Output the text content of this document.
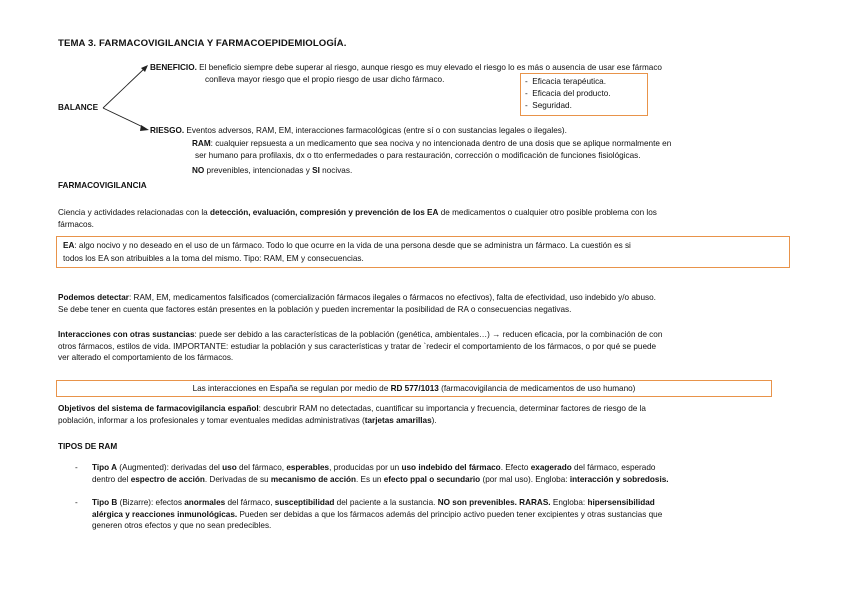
TEMA 3. FARMACOVIGILANCIA Y FARMACOEPIDEMIOLOGÍA.
BALANCE
BENEFICIO. El beneficio siempre debe superar al riesgo, aunque riesgo es muy elevado el riesgo lo es más o ausencia de usar ese fármaco
conlleva mayor riesgo que el propio riesgo de usar dicho fármaco.	-  Eficacia terapéutica.
-  Eficacia del producto.
-  Seguridad.
RIESGO. Eventos adversos, RAM, EM, interacciones farmacológicas (entre sí o con sustancias legales o ilegales).
RAM: cualquier repsuesta a un medicamento que sea nociva y no intencionada dentro de una dosis que se aplique normalmente en
ser humano para profilaxis, dx o tto enfermedades o para restauración, corrección o modificación de funciones fisiológicas.
NO prevenibles, intencionadas y SI nocivas.
FARMACOVIGILANCIA

Ciencia y actividades relacionadas con la detección, evaluación, compresión y prevención de los EA de medicamentos o cualquier otro posible problema con los

fármacos.

EA: algo nocivo y no deseado en el uso de un fármaco. Todo lo que ocurre en la vida de una persona desde que se administra un fármaco. La cuestión es si
todos los EA son atribuibles a la toma del mismo. Tipo: RAM, EM y consecuencias.

Podemos detectar: RAM, EM, medicamentos falsificados (comercialización fármacos ilegales o fármacos no efectivos), falta de efectividad, uso indebido y/o abuso.

Se debe tener en cuenta que factores están presentes en la población y pueden incrementar la posibilidad de RA o consecuencias negativas.

Interacciones con otras sustancias: puede ser debido a las características de la población (genética, ambientales…) → reducen eficacia, por la combinación de con

otros fármacos, estilos de vida. IMPORTANTE: estudiar la población y sus características y tratar de `redecir el comportamiento de los fármacos, o por qué se puede

ver alterado el comportamiento de los fármacos.

Las interacciones en España se regulan por medio de RD 577/1013 (farmacovigilancia de medicamentos de uso humano)

Objetivos del sistema de farmacovigilancia español: descubrir RAM no detectadas, cuantificar su importancia y frecuencia, determinar factores de riesgo de la

población, informar a los profesionales y tomar eventuales medidas administrativas (tarjetas amarillas).

TIPOS DE RAM
- Tipo A (Augmented): derivadas del uso del fármaco, esperables, producidas por un uso indebido del fármaco. Efecto exagerado del fármaco, esperado
dentro del espectro de acción. Derivadas de su mecanismo de acción. Es un efecto ppal o secundario (por mal uso). Engloba: interacción y sobredosis.
- Tipo B (Bizarre): efectos anormales del fármaco, susceptibilidad del paciente a la sustancia. NO son prevenibles. RARAS. Engloba: hipersensibilidad
alérgica y reacciones inmunológicas. Pueden ser debidas a que los fármacos además del principio activo pueden tener excipientes y otras sustancias que
generen otros efectos y que no sean predecibles.
